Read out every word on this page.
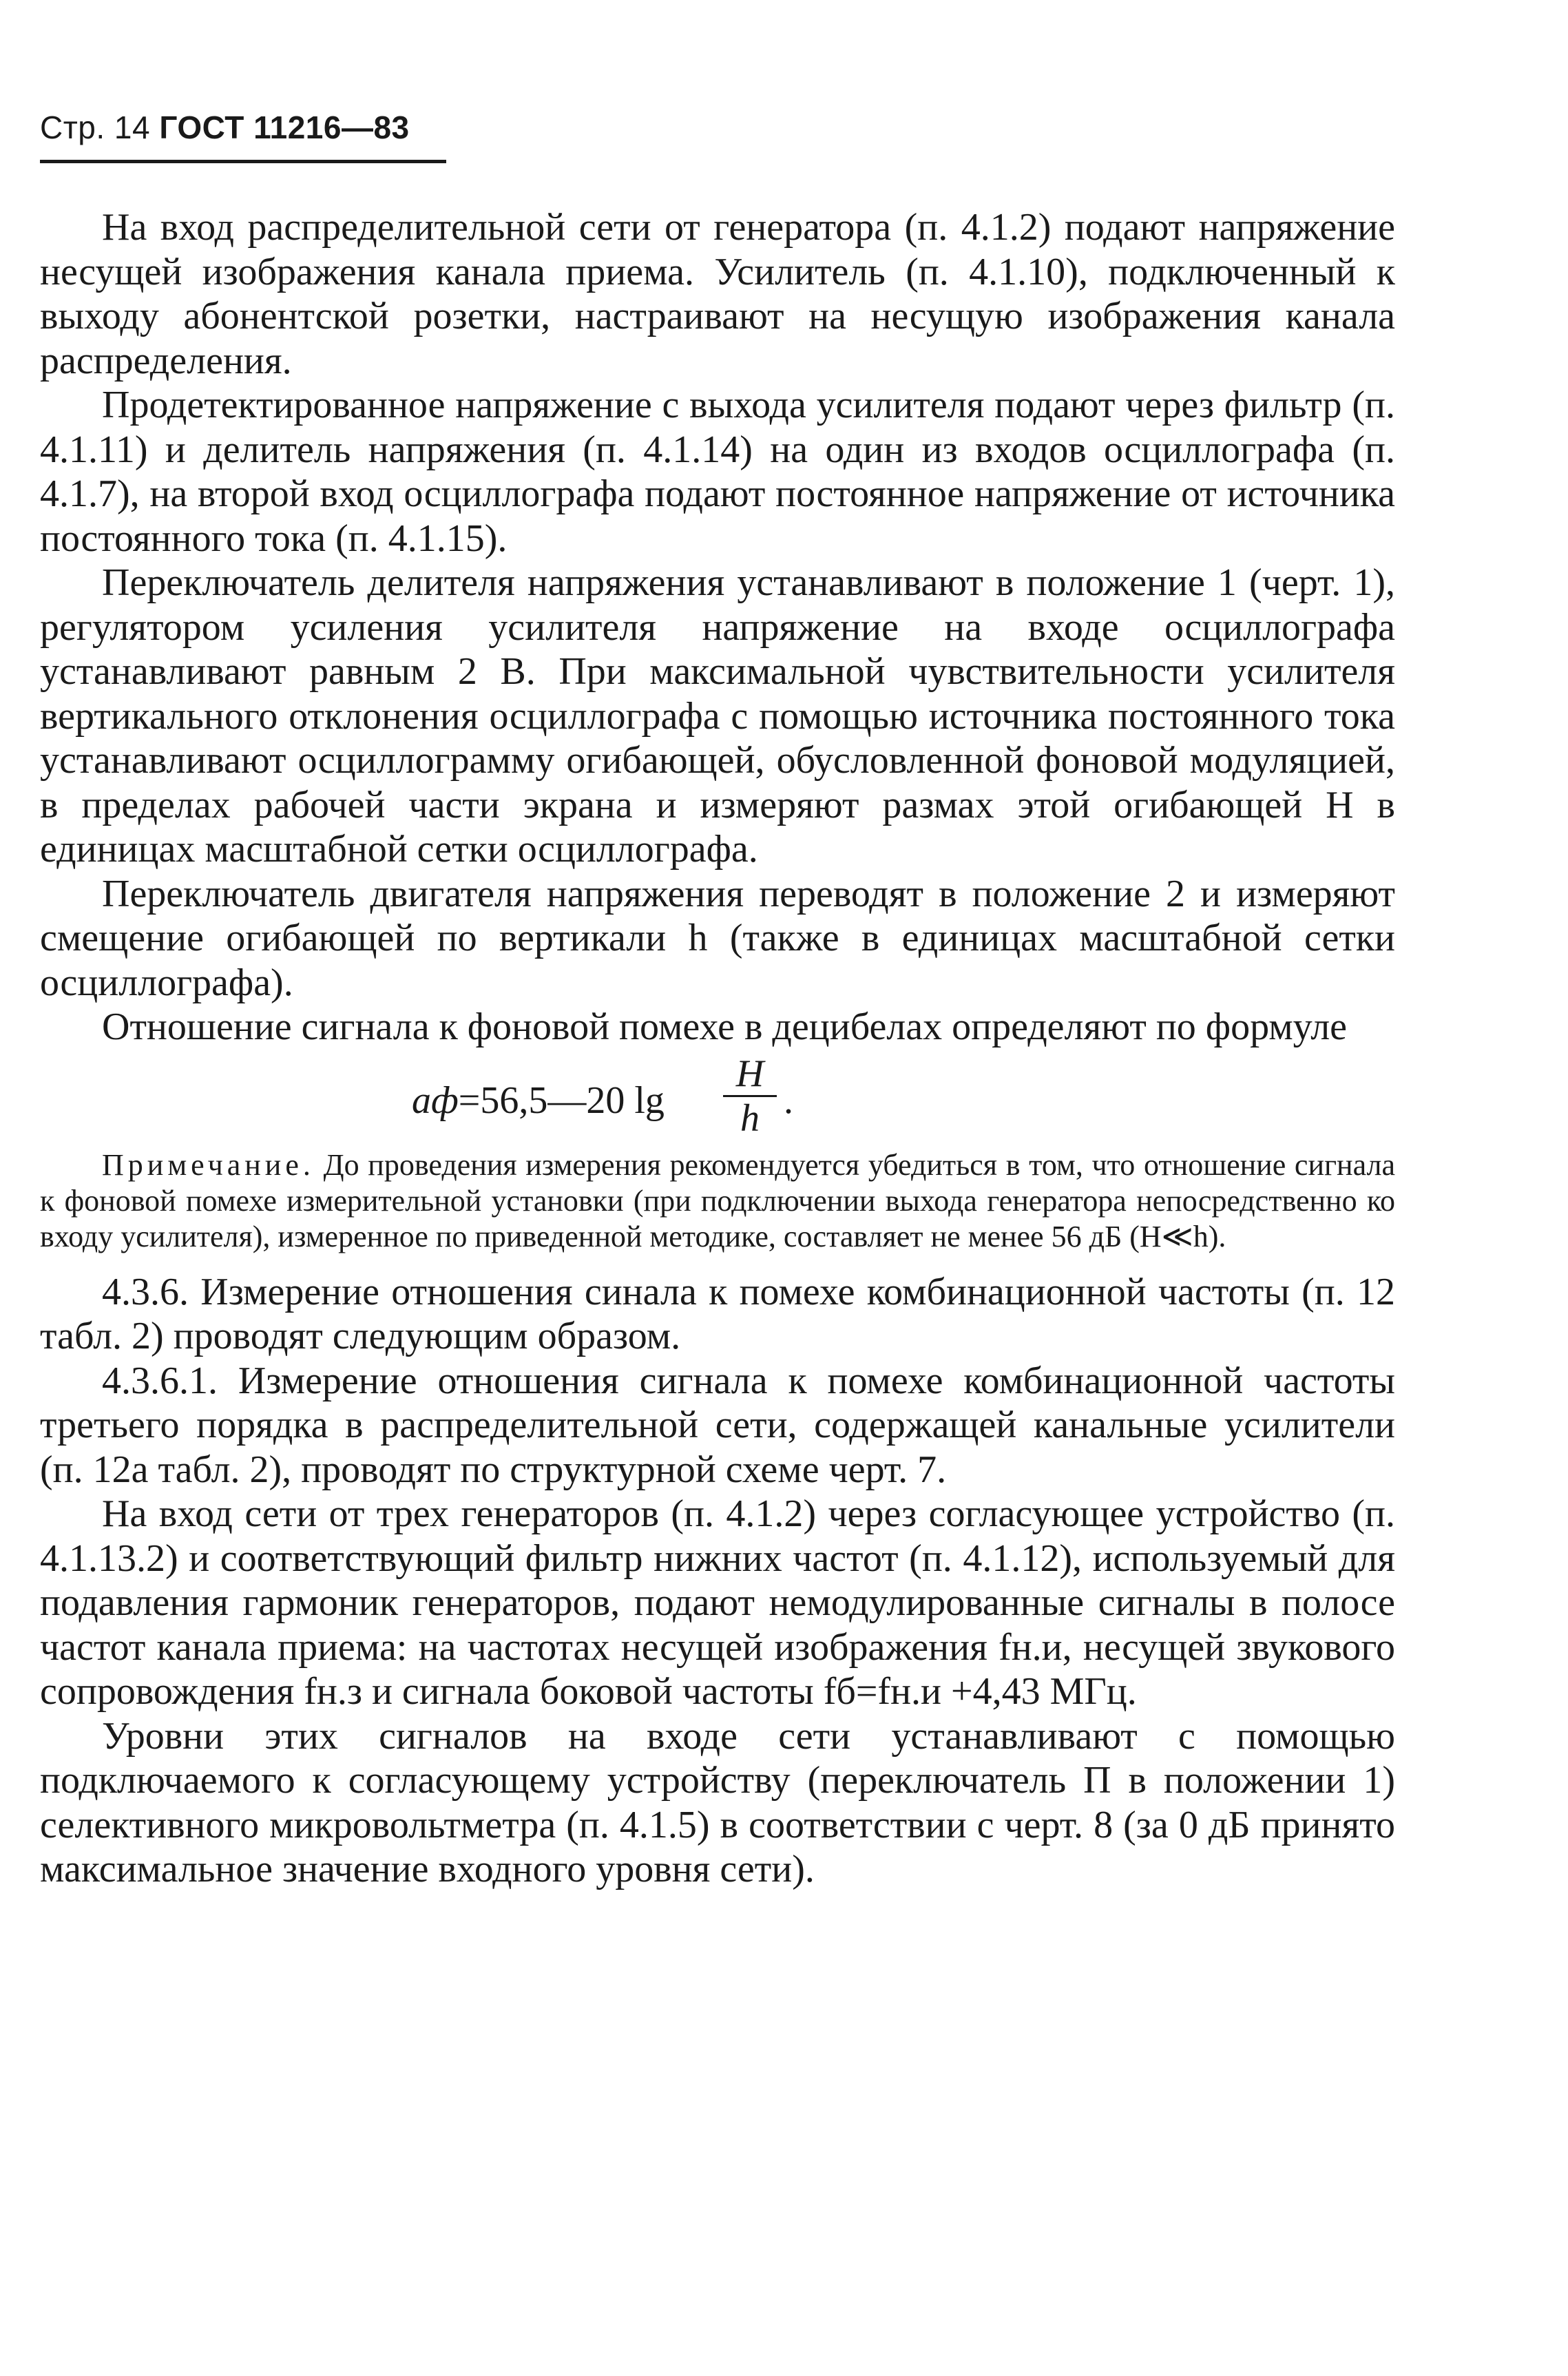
Стр. 14 ГОСТ 11216—83

На вход распределительной сети от генератора (п. 4.1.2) подают напряжение несущей изображения канала приема. Усилитель (п. 4.1.10), подключенный к выходу абонентской розетки, настраивают на несущую изображения канала распределения.

Продетектированное напряжение с выхода усилителя подают через фильтр (п. 4.1.11) и делитель напряжения (п. 4.1.14) на один из входов осциллографа (п. 4.1.7), на второй вход осциллографа подают постоянное напряжение от источника постоянного тока (п. 4.1.15).

Переключатель делителя напряжения устанавливают в положение 1 (черт. 1), регулятором усиления усилителя напряжение на входе осциллографа устанавливают равным 2 В. При максимальной чувствительности усилителя вертикального отклонения осциллографа с помощью источника постоянного тока устанавливают осциллограмму огибающей, обусловленной фоновой модуляцией, в пределах рабочей части экрана и измеряют размах этой огибающей H в единицах масштабной сетки осциллографа.

Переключатель двигателя напряжения переводят в положение 2 и измеряют смещение огибающей по вертикали h (также в единицах масштабной сетки осциллографа).

Отношение сигнала к фоновой помехе в децибелах определяют по формуле

аф=56,5—20 lg
H
h .
Примечание. До проведения измерения рекомендуется убедиться в том, что отношение сигнала к фоновой помехе измерительной установки (при подключении выхода генератора непосредственно ко входу усилителя), измеренное по приведенной методике, составляет не менее 56 дБ (H≪h).

4.3.6. Измерение отношения синала к помехе комбинационной частоты (п. 12 табл. 2) проводят следующим образом.

4.3.6.1. Измерение отношения сигнала к помехе комбинационной частоты третьего порядка в распределительной сети, содержащей канальные усилители (п. 12а табл. 2), проводят по структурной схеме черт. 7.

На вход сети от трех генераторов (п. 4.1.2) через согласующее устройство (п. 4.1.13.2) и соответствующий фильтр нижних частот (п. 4.1.12), используемый для подавления гармоник генераторов, подают немодулированные сигналы в полосе частот канала приема: на частотах несущей изображения fн.и, несущей звукового сопровождения fн.з и сигнала боковой частоты fб=fн.и +4,43 МГц.

Уровни этих сигналов на входе сети устанавливают с помощью подключаемого к согласующему устройству (переключатель П в положении 1) селективного микровольтметра (п. 4.1.5) в соответствии с черт. 8 (за 0 дБ принято максимальное значение входного уровня сети).
